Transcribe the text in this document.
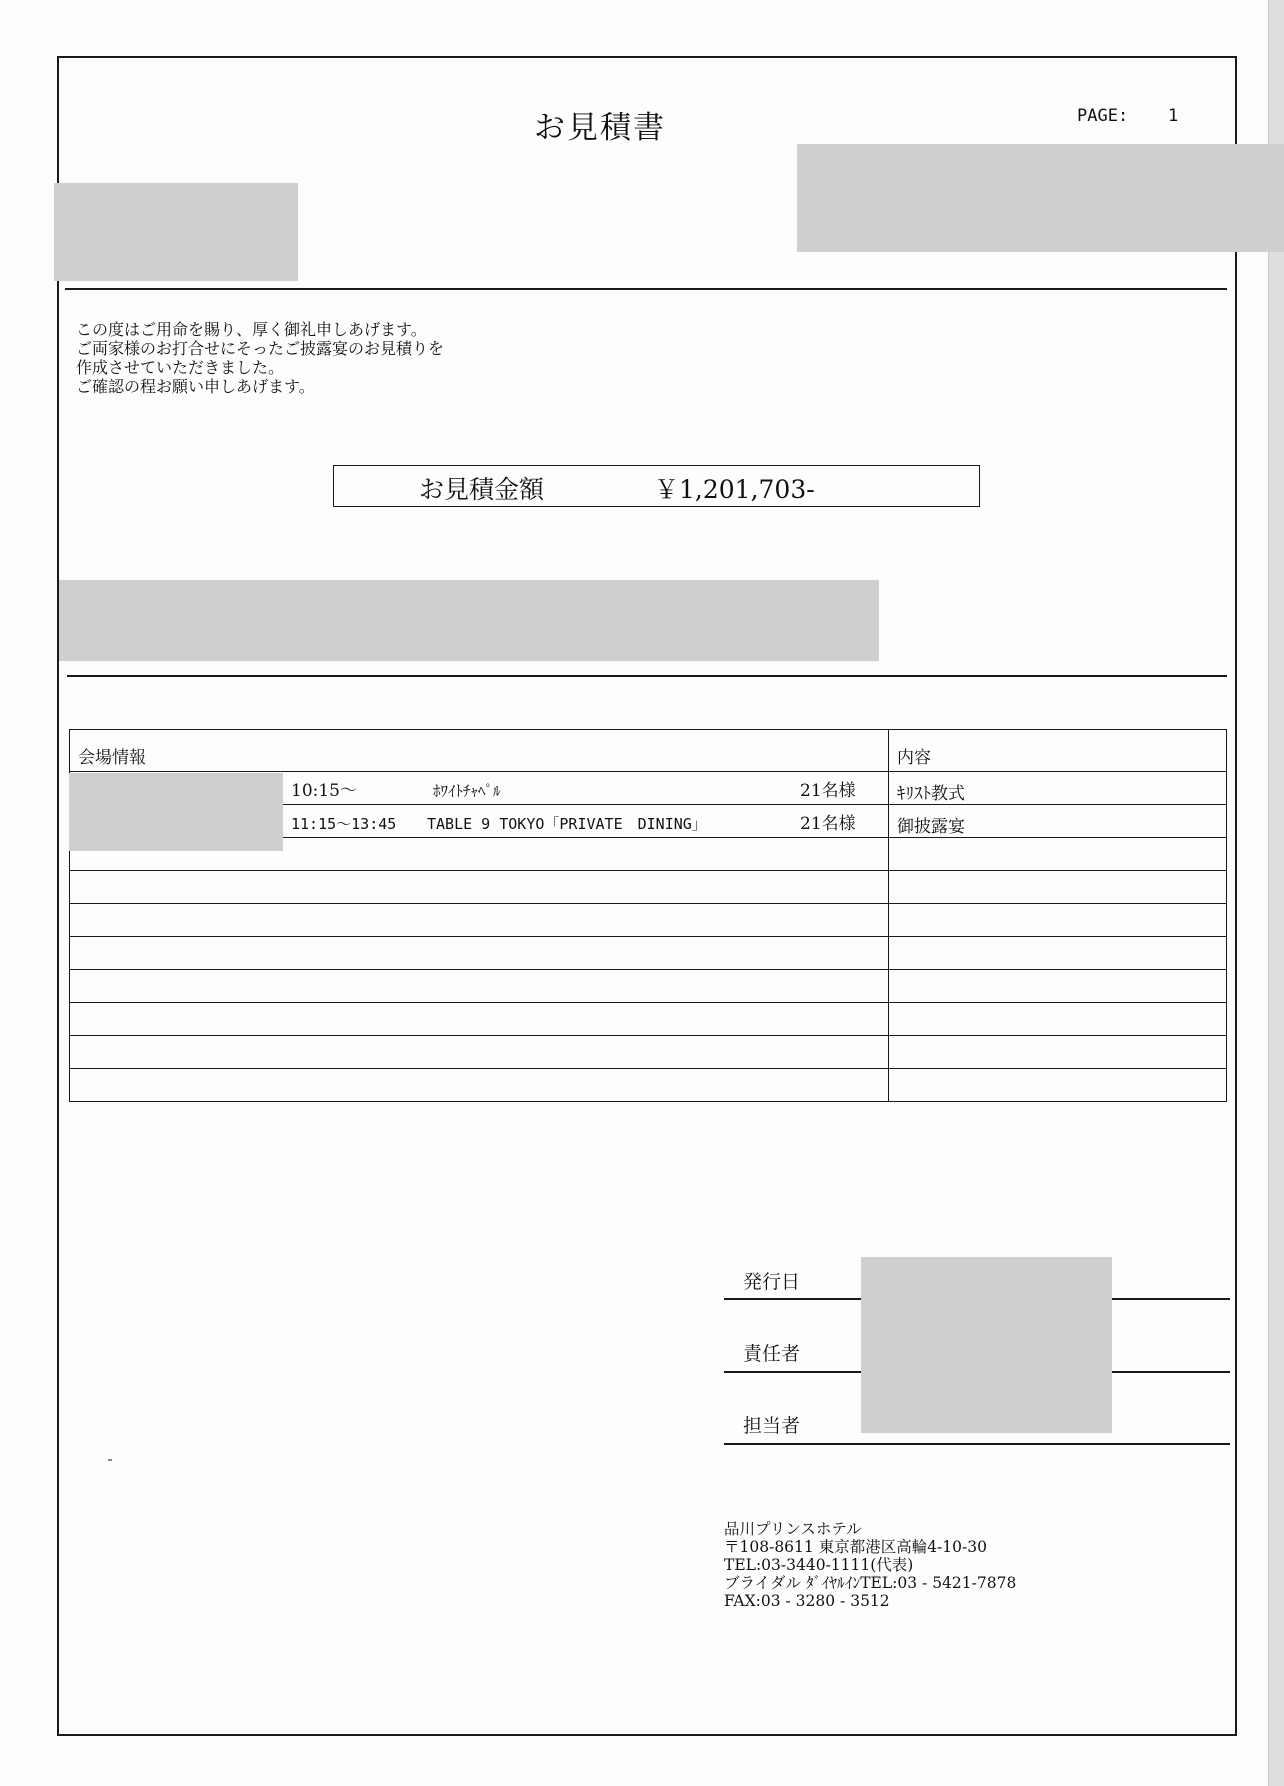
お見積書	PAGE: 1
この度はご用命を賜り、厚く御礼申しあげます。
ご両家様のお打合せにそったご披露宴のお見積りを
作成させていただきました。
ご確認の程お願い申しあげます。
お見積金額	￥1,201,703-
会場情報	内容

10:15～ ﾎﾜｲﾄﾁｬﾍﾟﾙ 21名様	ｷﾘｽﾄ教式

11:15～13:45 TABLE 9 TOKYO「PRIVATE　DINING」 21名様	御披露宴

発行日
責任者
担当者
品川プリンスホテル
〒108-8611 東京都港区高輪4-10-30
TEL:03-3440-1111(代表)
ブライダル ﾀﾞｲﾔﾙｲﾝTEL:03 - 5421-7878
FAX:03 - 3280 - 3512
